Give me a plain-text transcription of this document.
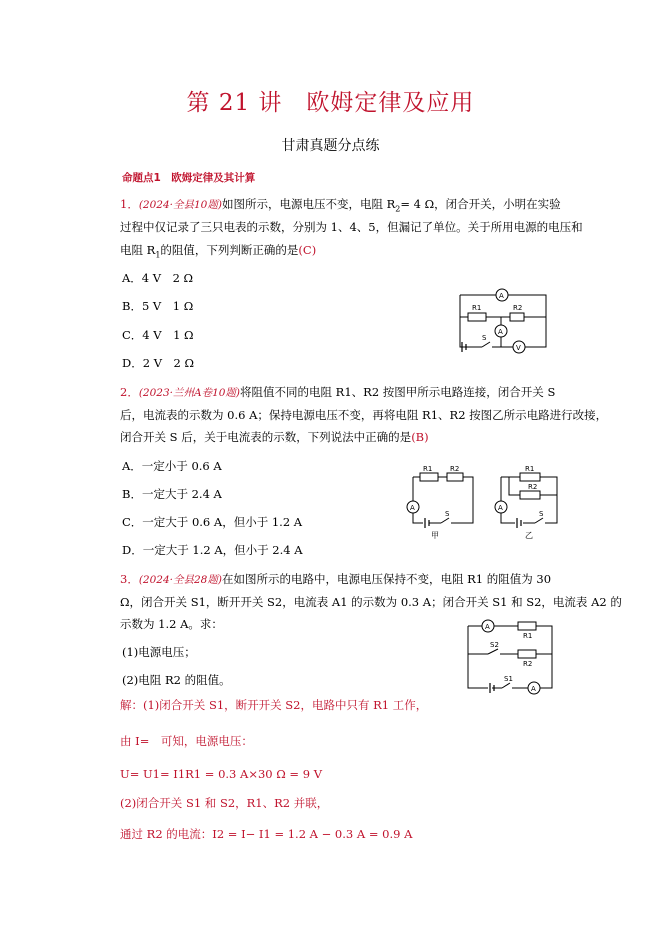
第 21 讲　欧姆定律及应用
甘肃真题分点练
命题点1　欧姆定律及其计算
1．(2024·全县10题)如图所示，电源电压不变，电阻 $R_2= 4$ Ω，闭合开关，小明在实验
过程中仅记录了三只电表的示数，分别为 1、4、5，但漏记了单位。关于所用电源的电压和
电阻 $R_1$的阻值，下列判断正确的是(C)
A．4 V　2 Ω
B．5 V　1 Ω
C．4 V　1 Ω
D．2 V　2 Ω
R1	R2
A
A
V
S
2．(2023·兰州A卷10题)将阻值不同的电阻 R1、R2 按图甲所示电路连接，闭合开关 S
后，电流表的示数为 0.6 A；保持电源电压不变，再将电阻 R1、R2 按图乙所示电路进行改接，
闭合开关 S 后，关于电流表的示数，下列说法中正确的是(B)
A．一定小于 0.6 A
B．一定大于 2.4 A
C．一定大于 0.6 A，但小于 1.2 A
D．一定大于 1.2 A，但小于 2.4 A
R1	R2
A
S
R1
R2
A
S
甲	乙
3．(2024·全县28题)在如图所示的电路中，电源电压保持不变，电阻 R1 的阻值为 30
Ω，闭合开关 S1，断开开关 S2，电流表 A1 的示数为 0.3 A；闭合开关 S1 和 S2，电流表 A2 的
示数为 1.2 A。求：
(1)电源电压；
(2)电阻 R2 的阻值。
A
A
R1
R2
S2
S1
解：(1)闭合开关 S1，断开开关 S2，电路中只有 R1 工作，
由 I=　可知，电源电压：
U= U1= I1R1 = 0.3 A×30 Ω = 9 V
(2)闭合开关 S1 和 S2，R1、R2 并联，
通过 R2 的电流：I2 = I− I1 = 1.2 A − 0.3 A = 0.9 A
